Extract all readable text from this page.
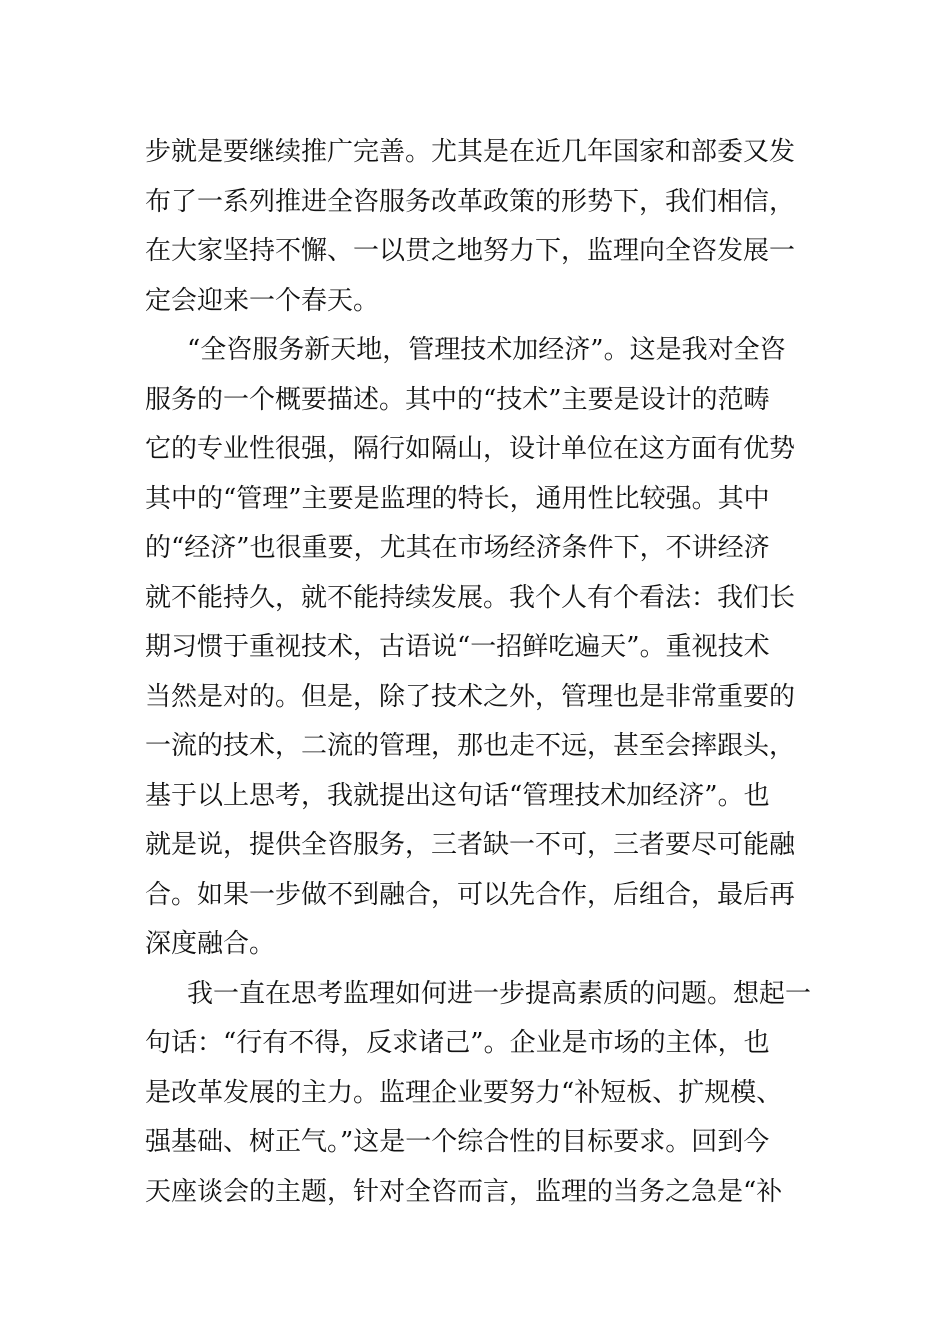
步就是要继续推广完善。尤其是在近几年国家和部委又发
布了一系列推进全咨服务改革政策的形势下，我们相信，
在大家坚持不懈、一以贯之地努力下，监理向全咨发展一
定会迎来一个春天。
“全咨服务新天地，管理技术加经济”。这是我对全咨
服务的一个概要描述。其中的“技术”主要是设计的范畴
它的专业性很强，隔行如隔山，设计单位在这方面有优势
其中的“管理”主要是监理的特长，通用性比较强。其中
的“经济”也很重要，尤其在市场经济条件下，不讲经济
就不能持久，就不能持续发展。我个人有个看法：我们长
期习惯于重视技术，古语说“一招鲜吃遍天”。重视技术
当然是对的。但是，除了技术之外，管理也是非常重要的
一流的技术，二流的管理，那也走不远，甚至会摔跟头，
基于以上思考，我就提出这句话“管理技术加经济”。也
就是说，提供全咨服务，三者缺一不可，三者要尽可能融
合。如果一步做不到融合，可以先合作，后组合，最后再
深度融合。
我一直在思考监理如何进一步提高素质的问题。想起一
句话：“行有不得，反求诸己”。企业是市场的主体，也
是改革发展的主力。监理企业要努力“补短板、扩规模、
强基础、树正气。”这是一个综合性的目标要求。回到今
天座谈会的主题，针对全咨而言，监理的当务之急是“补
